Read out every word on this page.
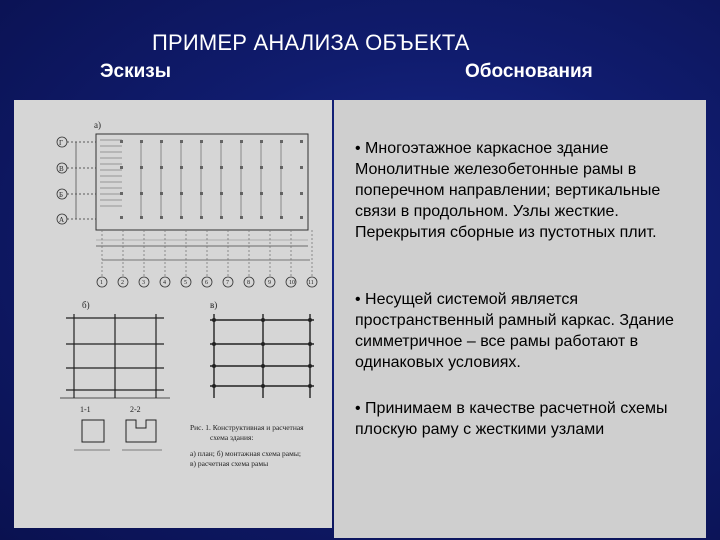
ПРИМЕР АНАЛИЗА ОБЪЕКТА
Эскизы	Обоснования
а)
Г
В
Б
А
1	2	3	4	5	6	7	8	9	10 11
б)	в)
1-1	2-2
Рис. 1. Конструктивная и расчетная
схема здания:
а) план; б) монтажная схема рамы;
в) расчетная схема рамы
• Многоэтажное каркасное здание Монолитные железобетонные рамы в поперечном направлении; вертикальные связи в продольном. Узлы жесткие. Перекрытия сборные из пустотных плит.
• Несущей системой является пространственный рамный каркас. Здание симметричное – все рамы работают в одинаковых условиях.
• Принимаем в качестве расчетной схемы плоскую раму с жесткими узлами
